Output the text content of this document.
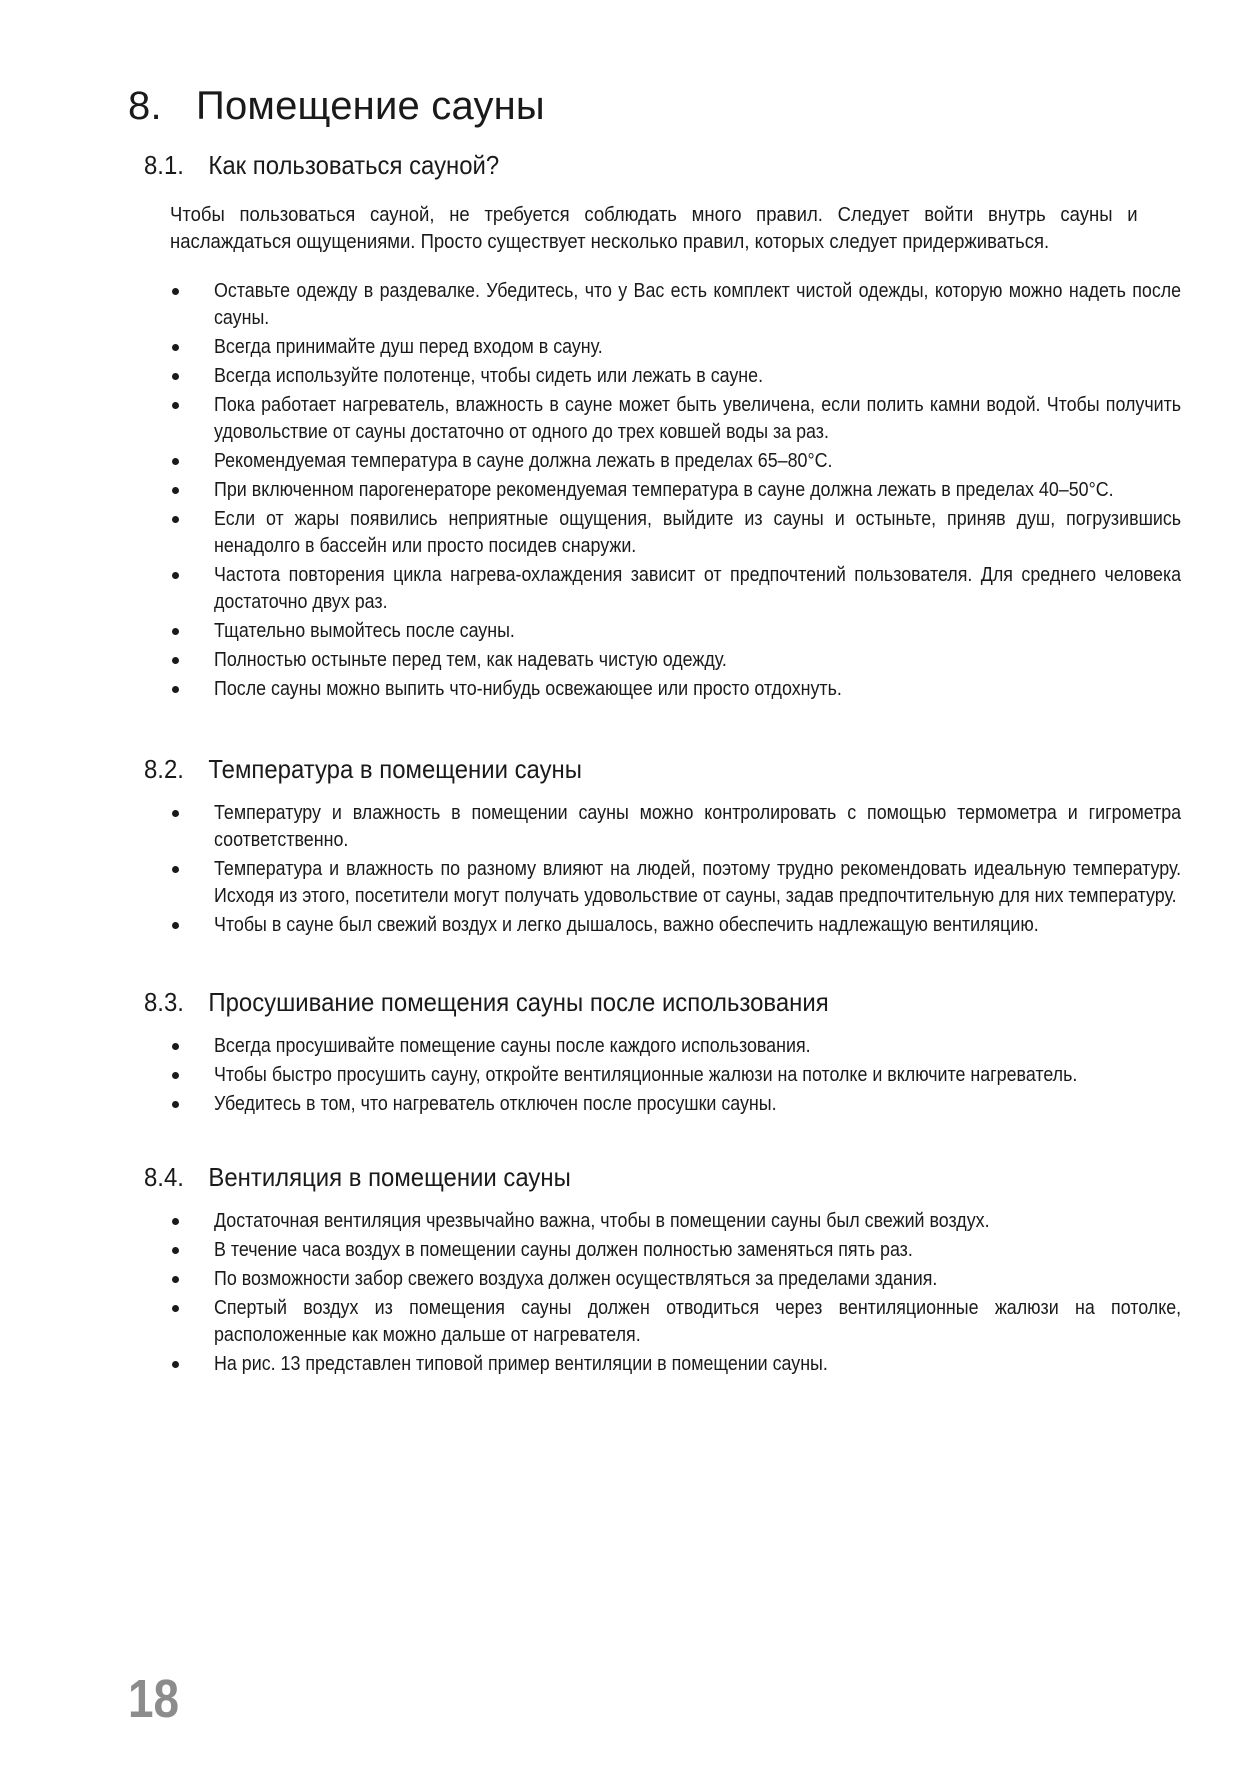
8. Помещение сауны
8.1. Как пользоваться сауной?

Чтобы пользоваться сауной, не требуется соблюдать много правил. Следует войти внутрь сауны и наслаждаться ощущениями. Просто существует несколько правил, которых следует придерживаться.

Оставьте одежду в раздевалке. Убедитесь, что у Вас есть комплект чистой одежды, которую можно надеть после сауны.
Всегда принимайте душ перед входом в сауну.
Всегда используйте полотенце, чтобы сидеть или лежать в сауне.
Пока работает нагреватель, влажность в сауне может быть увеличена, если полить камни водой. Чтобы получить удовольствие от сауны достаточно от одного до трех ковшей воды за раз.
Рекомендуемая температура в сауне должна лежать в пределах 65–80°C.
При включенном парогенераторе рекомендуемая температура в сауне должна лежать в пределах 40–50°C.
Если от жары появились неприятные ощущения, выйдите из сауны и остыньте, приняв душ, погрузившись ненадолго в бассейн или просто посидев снаружи.
Частота повторения цикла нагрева-охлаждения зависит от предпочтений пользователя. Для среднего человека достаточно двух раз.
Тщательно вымойтесь после сауны.
Полностью остыньте перед тем, как надевать чистую одежду.
После сауны можно выпить что-нибудь освежающее или просто отдохнуть.
8.2. Температура в помещении сауны
Температуру и влажность в помещении сауны можно контролировать с помощью термометра и гигрометра соответственно.
Температура и влажность по разному влияют на людей, поэтому трудно рекомендовать идеальную температуру. Исходя из этого, посетители могут получать удовольствие от сауны, задав предпочтительную для них температуру.
Чтобы в сауне был свежий воздух и легко дышалось, важно обеспечить надлежащую вентиляцию.
8.3. Просушивание помещения сауны после использования
Всегда просушивайте помещение сауны после каждого использования.
Чтобы быстро просушить сауну, откройте вентиляционные жалюзи на потолке и включите нагреватель.
Убедитесь в том, что нагреватель отключен после просушки сауны.
8.4. Вентиляция в помещении сауны
Достаточная вентиляция чрезвычайно важна, чтобы в помещении сауны был свежий воздух.
В течение часа воздух в помещении сауны должен полностью заменяться пять раз.
По возможности забор свежего воздуха должен осуществляться за пределами здания.
Спертый воздух из помещения сауны должен отводиться через вентиляционные жалюзи на потолке, расположенные как можно дальше от нагревателя.
На рис. 13 представлен типовой пример вентиляции в помещении сауны.
18
